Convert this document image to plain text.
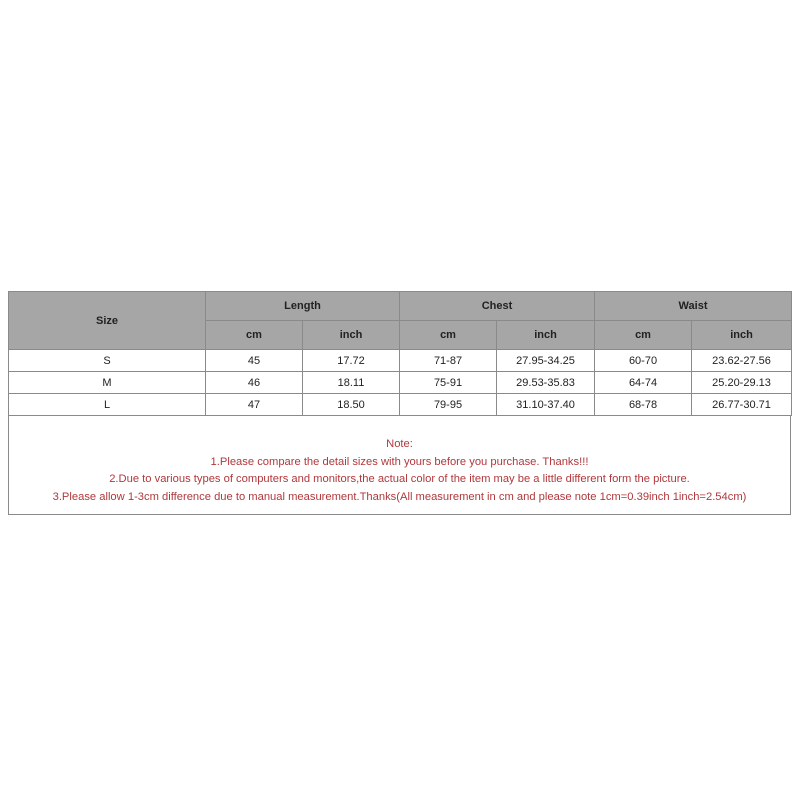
Size	Length		Chest		Waist	
	cm	inch	cm	inch	cm	inch
S	45	17.72	71-87	27.95-34.25	60-70	23.62-27.56
M	46	18.11	75-91	29.53-35.83	64-74	25.20-29.13
L	47	18.50	79-95	31.10-37.40	68-78	26.77-30.71
Note:
1.Please compare the detail sizes with yours before you purchase. Thanks!!!
2.Due to various types of computers and monitors,the actual color of the item may be a little different form the picture.
3.Please allow 1-3cm difference due to manual measurement.Thanks(All measurement in cm and please note 1cm=0.39inch 1inch=2.54cm)
